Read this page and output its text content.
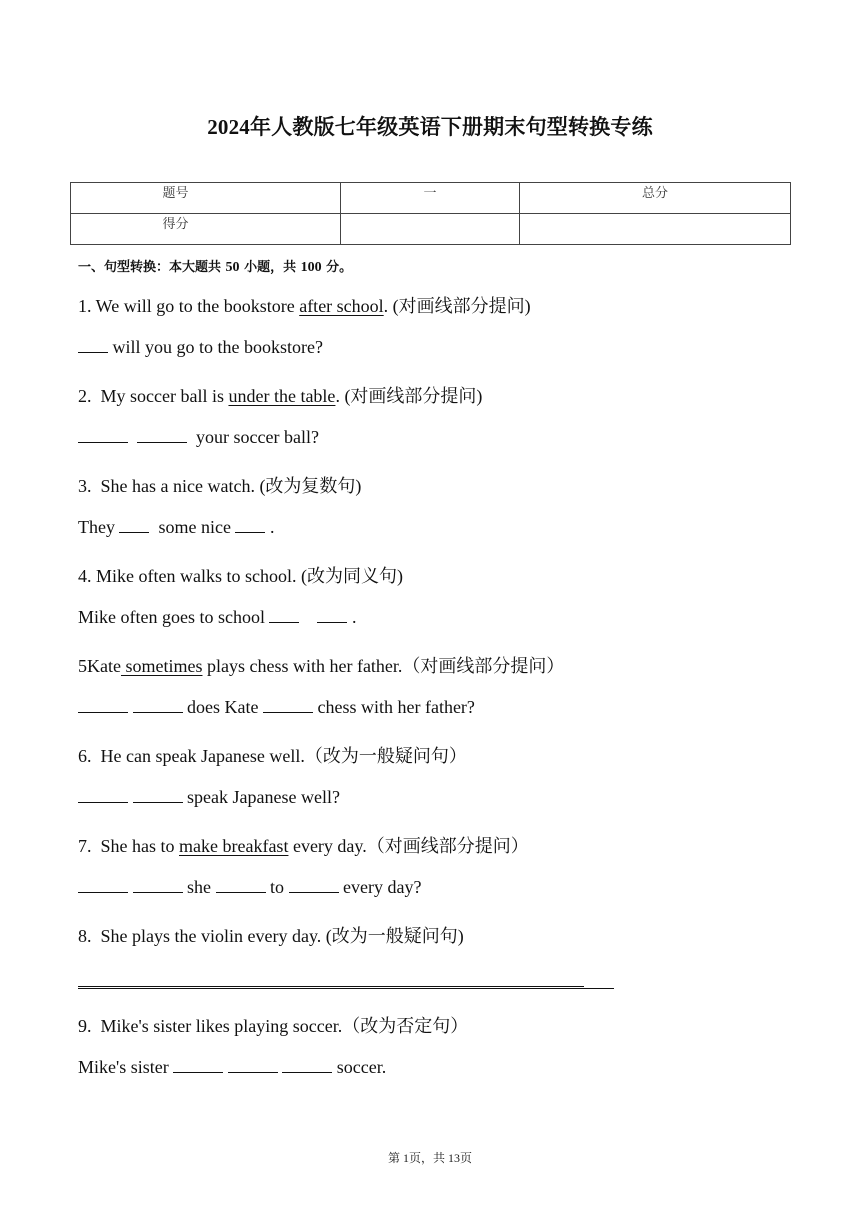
2024年人教版七年级英语下册期末句型转换专练
题号	一	总分

得分		

一、句型转换：本大题共 50 小题，共 100 分。
1. We will go to the bookstore after school. (对画线部分提问)
will you go to the bookstore?
2.  My soccer ball is under the table. (对画线部分提问)
your soccer ball?
3.  She has a nice watch. (改为复数句)
They   some nice  .
4. Mike often walks to school. (改为同义句)
Mike often goes to school	.
5Kate sometimes plays chess with her father.（对画线部分提问）
does Kate	chess with her father?
6.  He can speak Japanese well.（改为一般疑问句）
speak Japanese well?
7.  She has to make breakfast every day.（对画线部分提问）
she	to	every day?
8.  She plays the violin every day. (改为一般疑问句)
9.  Mike's sister likes playing soccer.（改为否定句）
Mike's sister	soccer.
第 1页，共 13页
